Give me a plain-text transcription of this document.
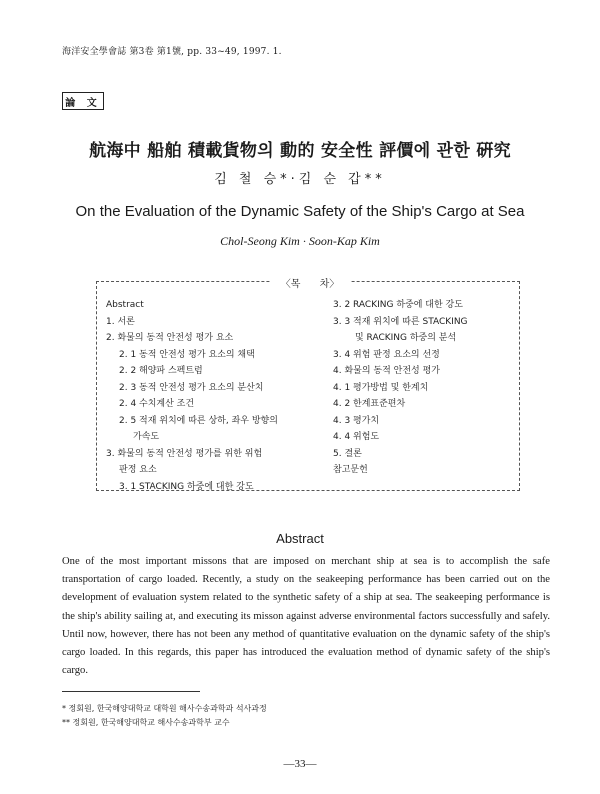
海洋安全學會誌 第3卷 第1號, pp. 33~49, 1997. 1.
論 文
航海中 船舶 積載貨物의 動的 安全性 評價에 관한 硏究
김 철 승*·김 순 갑**
On the Evaluation of the Dynamic Safety of the Ship's Cargo at Sea
Chol-Seong Kim · Soon-Kap Kim
〈목 차〉
Abstract
1. 서론
2. 화물의 동적 안전성 평가 요소
2. 1 동적 안전성 평가 요소의 채택
2. 2 해양파 스펙트럼
2. 3 동적 안전성 평가 요소의 분산치
2. 4 수치계산 조건
2. 5 적재 위치에 따른 상하, 좌우 방향의
가속도
3. 화물의 동적 안전성 평가를 위한 위험
판정 요소
3. 1 STACKING 하중에 대한 강도
3. 2 RACKING 하중에 대한 강도
3. 3 적재 위치에 따른 STACKING
및 RACKING 하중의 분석
3. 4 위험 판정 요소의 선정
4. 화물의 동적 안전성 평가
4. 1 평가방법 및 한계치
4. 2 한계표준편차
4. 3 평가치
4. 4 위험도
5. 결론
참고문헌
Abstract

One of the most important missons that are imposed on merchant ship at sea is to accomplish the safe transportation of cargo loaded. Recently, a study on the seakeeping performance has been carried out on the development of evaluation system related to the synthetic safety of a ship at sea. The seakeeping performance is the ship's ability sailing at, and executing its misson against adverse environmental factors successfully and safely. Until now, however, there has not been any method of quantitative evaluation on the dynamic safety of the ship's cargo loaded. In this regards, this paper has introduced the evaluation method of dynamic safety of the ship's cargo.

* 정회원, 한국해양대학교 대학원 해사수송과학과 석사과정
** 정회원, 한국해양대학교 해사수송과학부 교수
—33—
